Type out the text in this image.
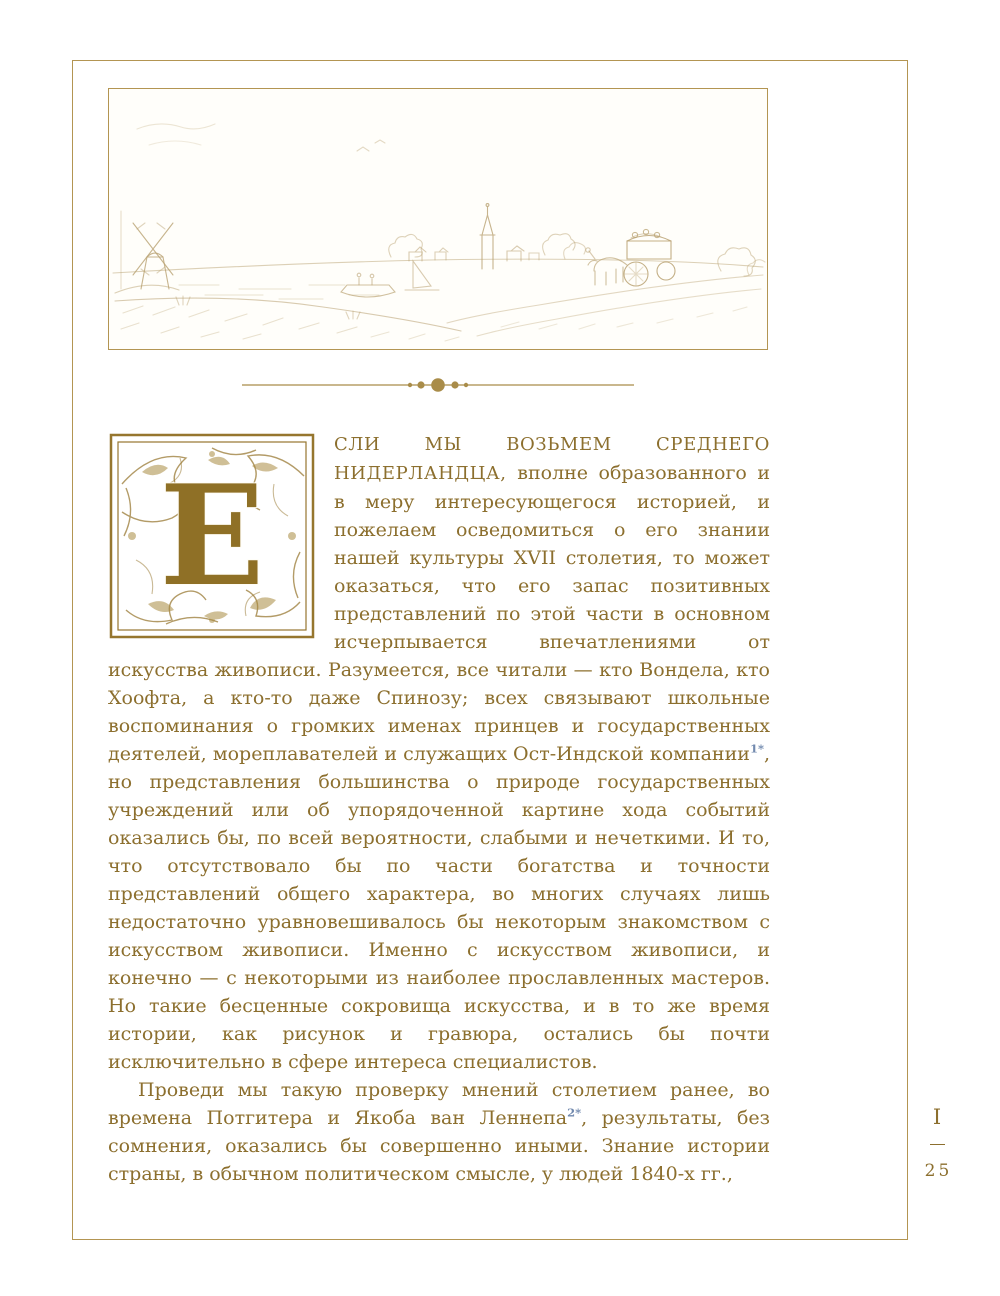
Е

СЛИ МЫ ВОЗЬМЕМ СРЕДНЕГО НИДЕРЛАНДЦА, вполне образованного и в меру интересующегося историей, и пожелаем осведомиться о его знании нашей культуры XVII столетия, то может оказаться, что его запас позитивных представлений по этой части в основном исчерпывается впечатлениями от искусства живописи. Разумеется, все читали — кто Вондела, кто Хоофта, а кто-то даже Спинозу; всех связывают школьные воспоминания о громких именах принцев и государственных деятелей, мореплавателей и служащих Ост-Индской компании$^{1*}$, но представления большинства о природе государственных учреждений или об упорядоченной картине хода событий оказались бы, по всей вероятности, слабыми и нечеткими. И то, что отсутствовало бы по части богатства и точности представлений общего характера, во многих случаях лишь недостаточно уравновешивалось бы некоторым знакомством с искусством живописи. Именно с искусством живописи, и конечно — с некоторыми из наиболее прославленных мастеров. Но такие бесценные сокровища искусства, и в то же время истории, как рисунок и гравюра, остались бы почти исключительно в сфере интереса специалистов.

Проведи мы такую проверку мнений столетием ранее, во времена Потгитера и Якоба ван Леннепа$^{2*}$, результаты, без сомнения, оказались бы совершенно иными. Знание истории страны, в обычном политическом смысле, у людей 1840-х гг.,

I
25
